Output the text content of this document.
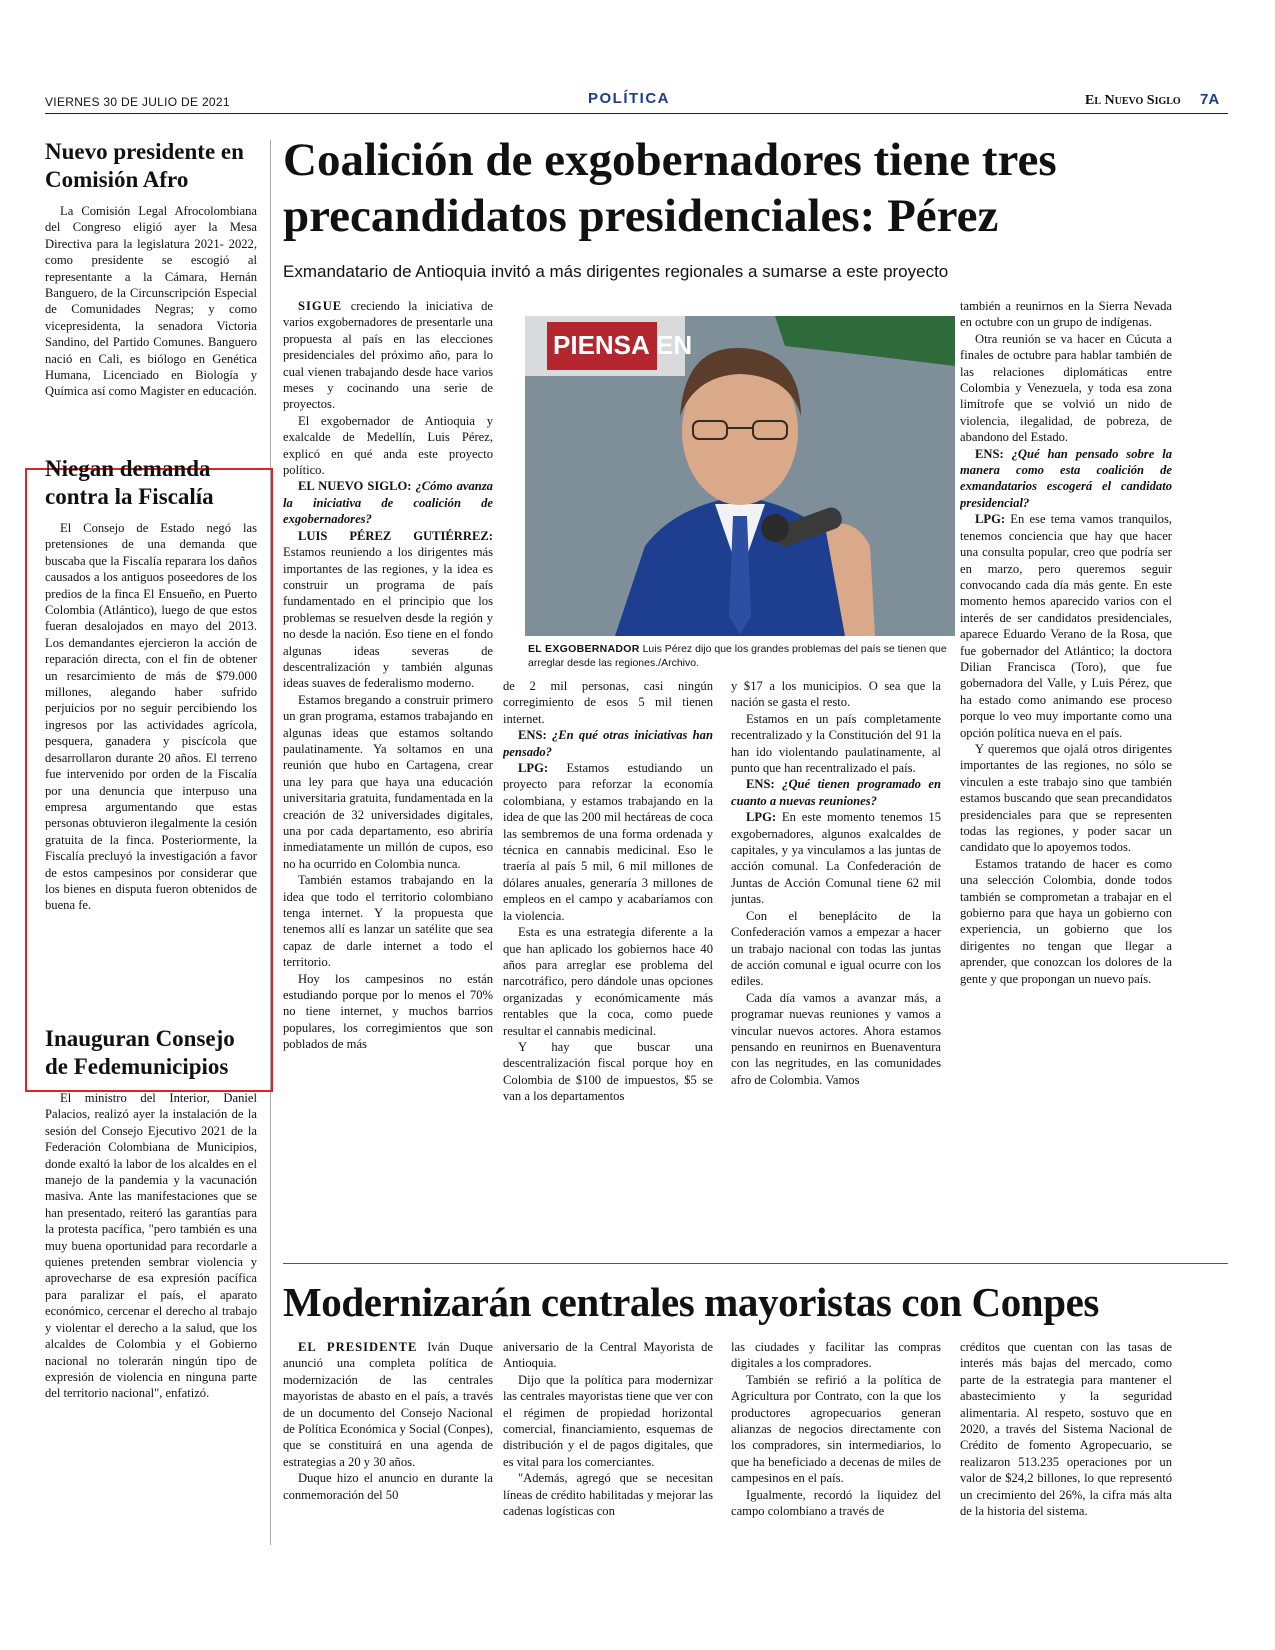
VIERNES 30 DE JULIO DE 2021	POLÍTICA	El Nuevo Siglo 7A
Nuevo presidente en Comisión Afro

La Comisión Legal Afrocolombiana del Congreso eligió ayer la Mesa Directiva para la legislatura 2021- 2022, como presidente se escogió al representante a la Cámara, Hernán Banguero, de la Circunscripción Especial de Comunidades Negras; y como vicepresidenta, la senadora Victoria Sandino, del Partido Comunes. Banguero nació en Cali, es biólogo en Genética Humana, Licenciado en Biología y Química así como Magister en educación.

Niegan demanda contra la Fiscalía

El Consejo de Estado negó las pretensiones de una demanda que buscaba que la Fiscalía reparara los daños causados a los antiguos poseedores de los predios de la finca El Ensueño, en Puerto Colombia (Atlántico), luego de que estos fueran desalojados en mayo del 2013. Los demandantes ejercieron la acción de reparación directa, con el fin de obtener un resarcimiento de más de $79.000 millones, alegando haber sufrido perjuicios por no seguir percibiendo los ingresos por las actividades agrícola, pesquera, ganadera y piscícola que desarrollaron durante 20 años. El terreno fue intervenido por orden de la Fiscalía por una denuncia que interpuso una empresa argumentando que estas personas obtuvieron ilegalmente la cesión gratuita de la finca. Posteriormente, la Fiscalía precluyó la investigación a favor de estos campesinos por considerar que los bienes en disputa fueron obtenidos de buena fe.

Inauguran Consejo de Fedemunicipios

El ministro del Interior, Daniel Palacios, realizó ayer la instalación de la sesión del Consejo Ejecutivo 2021 de la Federación Colombiana de Municipios, donde exaltó la labor de los alcaldes en el manejo de la pandemia y la vacunación masiva. Ante las manifestaciones que se han presentado, reiteró las garantías para la protesta pacífica, "pero también es una muy buena oportunidad para recordarle a quienes pretenden sembrar violencia y aprovecharse de esa expresión pacífica para paralizar el país, el aparato económico, cercenar el derecho al trabajo y violentar el derecho a la salud, que los alcaldes de Colombia y el Gobierno nacional no tolerarán ningún tipo de expresión de violencia en ninguna parte del territorio nacional", enfatizó.

Coalición de exgobernadores tiene tres precandidatos presidenciales: Pérez

Exmandatario de Antioquia invitó a más dirigentes regionales a sumarse a este proyecto

PIENSA EN

EL EXGOBERNADOR Luis Pérez dijo que los grandes problemas del país se tienen que arreglar desde las regiones./Archivo.

SIGUE creciendo la iniciativa de varios exgobernadores de presentarle una propuesta al país en las elecciones presidenciales del próximo año, para lo cual vienen trabajando desde hace varios meses y cocinando una serie de proyectos.

El exgobernador de Antioquia y exalcalde de Medellín, Luis Pérez, explicó en qué anda este proyecto político.

EL NUEVO SIGLO: ¿Cómo avanza la iniciativa de coalición de exgobernadores?

LUIS PÉREZ GUTIÉRREZ: Estamos reuniendo a los dirigentes más importantes de las regiones, y la idea es construir un programa de país fundamentado en el principio que los problemas se resuelven desde la región y no desde la nación. Eso tiene en el fondo algunas ideas severas de descentralización y también algunas ideas suaves de federalismo moderno.

Estamos bregando a construir primero un gran programa, estamos trabajando en algunas ideas que estamos soltando paulatinamente. Ya soltamos en una reunión que hubo en Cartagena, crear una ley para que haya una educación universitaria gratuita, fundamentada en la creación de 32 universidades digitales, una por cada departamento, eso abriría inmediatamente un millón de cupos, eso no ha ocurrido en Colombia nunca.

También estamos trabajando en la idea que todo el territorio colombiano tenga internet. Y la propuesta que tenemos allí es lanzar un satélite que sea capaz de darle internet a todo el territorio.

Hoy los campesinos no están estudiando porque por lo menos el 70% no tiene internet, y muchos barrios populares, los corregimientos que son poblados de más

de 2 mil personas, casi ningún corregimiento de esos 5 mil tienen internet.

ENS: ¿En qué otras iniciativas han pensado?

LPG: Estamos estudiando un proyecto para reforzar la economía colombiana, y estamos trabajando en la idea de que las 200 mil hectáreas de coca las sembremos de una forma ordenada y técnica en cannabis medicinal. Eso le traería al país 5 mil, 6 mil millones de dólares anuales, generaría 3 millones de empleos en el campo y acabaríamos con la violencia.

Esta es una estrategia diferente a la que han aplicado los gobiernos hace 40 años para arreglar ese problema del narcotráfico, pero dándole unas opciones organizadas y económicamente más rentables que la coca, como puede resultar el cannabis medicinal.

Y hay que buscar una descentralización fiscal porque hoy en Colombia de $100 de impuestos, $5 se van a los departamentos

y $17 a los municipios. O sea que la nación se gasta el resto.

Estamos en un país completamente recentralizado y la Constitución del 91 la han ido violentando paulatinamente, al punto que han recentralizado el país.

ENS: ¿Qué tienen programado en cuanto a nuevas reuniones?

LPG: En este momento tenemos 15 exgobernadores, algunos exalcaldes de capitales, y ya vinculamos a las juntas de acción comunal. La Confederación de Juntas de Acción Comunal tiene 62 mil juntas.

Con el beneplácito de la Confederación vamos a empezar a hacer un trabajo nacional con todas las juntas de acción comunal e igual ocurre con los ediles.

Cada día vamos a avanzar más, a programar nuevas reuniones y vamos a vincular nuevos actores. Ahora estamos pensando en reunirnos en Buenaventura con las negritudes, en las comunidades afro de Colombia. Vamos

también a reunirnos en la Sierra Nevada en octubre con un grupo de indígenas.

Otra reunión se va hacer en Cúcuta a finales de octubre para hablar también de las relaciones diplomáticas entre Colombia y Venezuela, y toda esa zona limítrofe que se volvió un nido de violencia, ilegalidad, de pobreza, de abandono del Estado.

ENS: ¿Qué han pensado sobre la manera como esta coalición de exmandatarios escogerá el candidato presidencial?

LPG: En ese tema vamos tranquilos, tenemos conciencia que hay que hacer una consulta popular, creo que podría ser en marzo, pero queremos seguir convocando cada día más gente. En este momento hemos aparecido varios con el interés de ser candidatos presidenciales, aparece Eduardo Verano de la Rosa, que fue gobernador del Atlántico; la doctora Dilian Francisca (Toro), que fue gobernadora del Valle, y Luis Pérez, que ha estado como animando ese proceso porque lo veo muy importante como una opción política nueva en el país.

Y queremos que ojalá otros dirigentes importantes de las regiones, no sólo se vinculen a este trabajo sino que también estamos buscando que sean precandidatos presidenciales para que se representen todas las regiones, y poder sacar un candidato que lo apoyemos todos.

Estamos tratando de hacer es como una selección Colombia, donde todos también se comprometan a trabajar en el gobierno para que haya un gobierno con experiencia, un gobierno que los dirigentes no tengan que llegar a aprender, que conozcan los dolores de la gente y que propongan un nuevo país.

Modernizarán centrales mayoristas con Conpes

EL PRESIDENTE Iván Duque anunció una completa política de modernización de las centrales mayoristas de abasto en el país, a través de un documento del Consejo Nacional de Política Económica y Social (Conpes), que se constituirá en una agenda de estrategias a 20 y 30 años.

Duque hizo el anuncio en durante la conmemoración del 50

aniversario de la Central Mayorista de Antioquia.

Dijo que la política para modernizar las centrales mayoristas tiene que ver con el régimen de propiedad horizontal comercial, financiamiento, esquemas de distribución y el de pagos digitales, que es vital para los comerciantes.

"Además, agregó que se necesitan líneas de crédito habilitadas y mejorar las cadenas logísticas con

las ciudades y facilitar las compras digitales a los compradores.

También se refirió a la política de Agricultura por Contrato, con la que los productores agropecuarios generan alianzas de negocios directamente con los compradores, sin intermediarios, lo que ha beneficiado a decenas de miles de campesinos en el país.

Igualmente, recordó la liquidez del campo colombiano a través de

créditos que cuentan con las tasas de interés más bajas del mercado, como parte de la estrategia para mantener el abastecimiento y la seguridad alimentaria. Al respeto, sostuvo que en 2020, a través del Sistema Nacional de Crédito de fomento Agropecuario, se realizaron 513.235 operaciones por un valor de $24,2 billones, lo que representó un crecimiento del 26%, la cifra más alta de la historia del sistema.
